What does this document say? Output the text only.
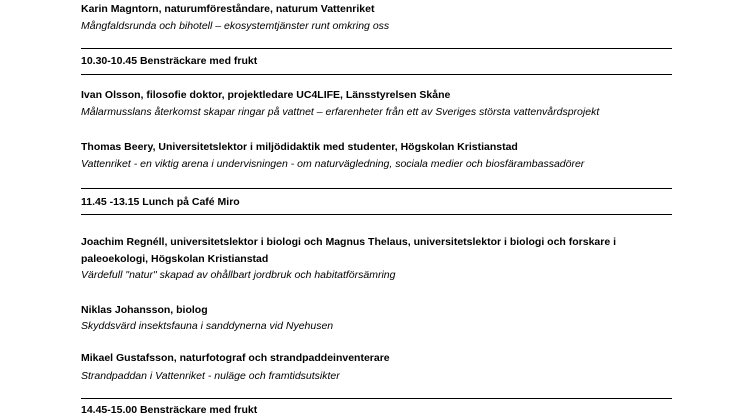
Karin Magntorn, naturumföreståndare, naturum Vattenriket
Mångfaldsrunda och bihotell – ekosystemtjänster runt omkring oss
10.30-10.45 Bensträckare med frukt
Ivan Olsson, filosofie doktor, projektledare UC4LIFE, Länsstyrelsen Skåne
Målarmusslans återkomst skapar ringar på vattnet – erfarenheter från ett av Sveriges största vattenvårdsprojekt
Thomas Beery, Universitetslektor i miljödidaktik med studenter, Högskolan Kristianstad
Vattenriket - en viktig arena i undervisningen - om naturvägledning, sociala medier och biosfärambassadörer
11.45 -13.15 Lunch på Café Miro
Joachim Regnéll, universitetslektor i biologi och Magnus Thelaus, universitetslektor i biologi och forskare i
paleoekologi, Högskolan Kristianstad
Värdefull "natur" skapad av ohållbart jordbruk och habitatförsämring
Niklas Johansson, biolog
Skyddsvärd insektsfauna i sanddynerna vid Nyehusen
Mikael Gustafsson, naturfotograf och strandpaddeinventerare
Strandpaddan i Vattenriket - nuläge och framtidsutsikter
14.45-15.00 Bensträckare med frukt
